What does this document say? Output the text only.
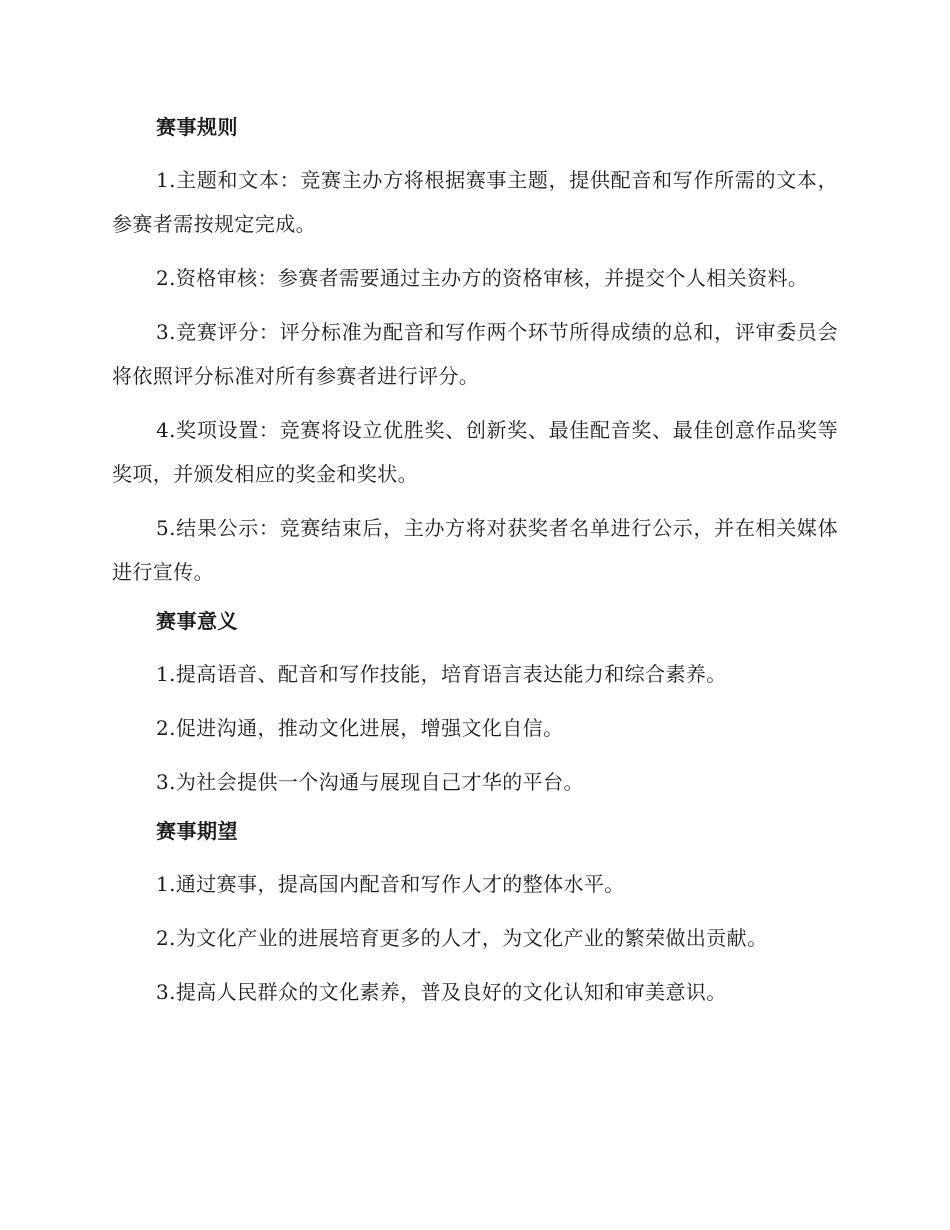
赛事规则

1.主题和文本：竞赛主办方将根据赛事主题，提供配音和写作所需的文本，参赛者需按规定完成。

2.资格审核：参赛者需要通过主办方的资格审核，并提交个人相关资料。

3.竞赛评分：评分标准为配音和写作两个环节所得成绩的总和，评审委员会将依照评分标准对所有参赛者进行评分。

4.奖项设置：竞赛将设立优胜奖、创新奖、最佳配音奖、最佳创意作品奖等奖项，并颁发相应的奖金和奖状。

5.结果公示：竞赛结束后，主办方将对获奖者名单进行公示，并在相关媒体进行宣传。

赛事意义

1.提高语音、配音和写作技能，培育语言表达能力和综合素养。

2.促进沟通，推动文化进展，增强文化自信。

3.为社会提供一个沟通与展现自己才华的平台。

赛事期望

1.通过赛事，提高国内配音和写作人才的整体水平。

2.为文化产业的进展培育更多的人才，为文化产业的繁荣做出贡献。

3.提高人民群众的文化素养，普及良好的文化认知和审美意识。
